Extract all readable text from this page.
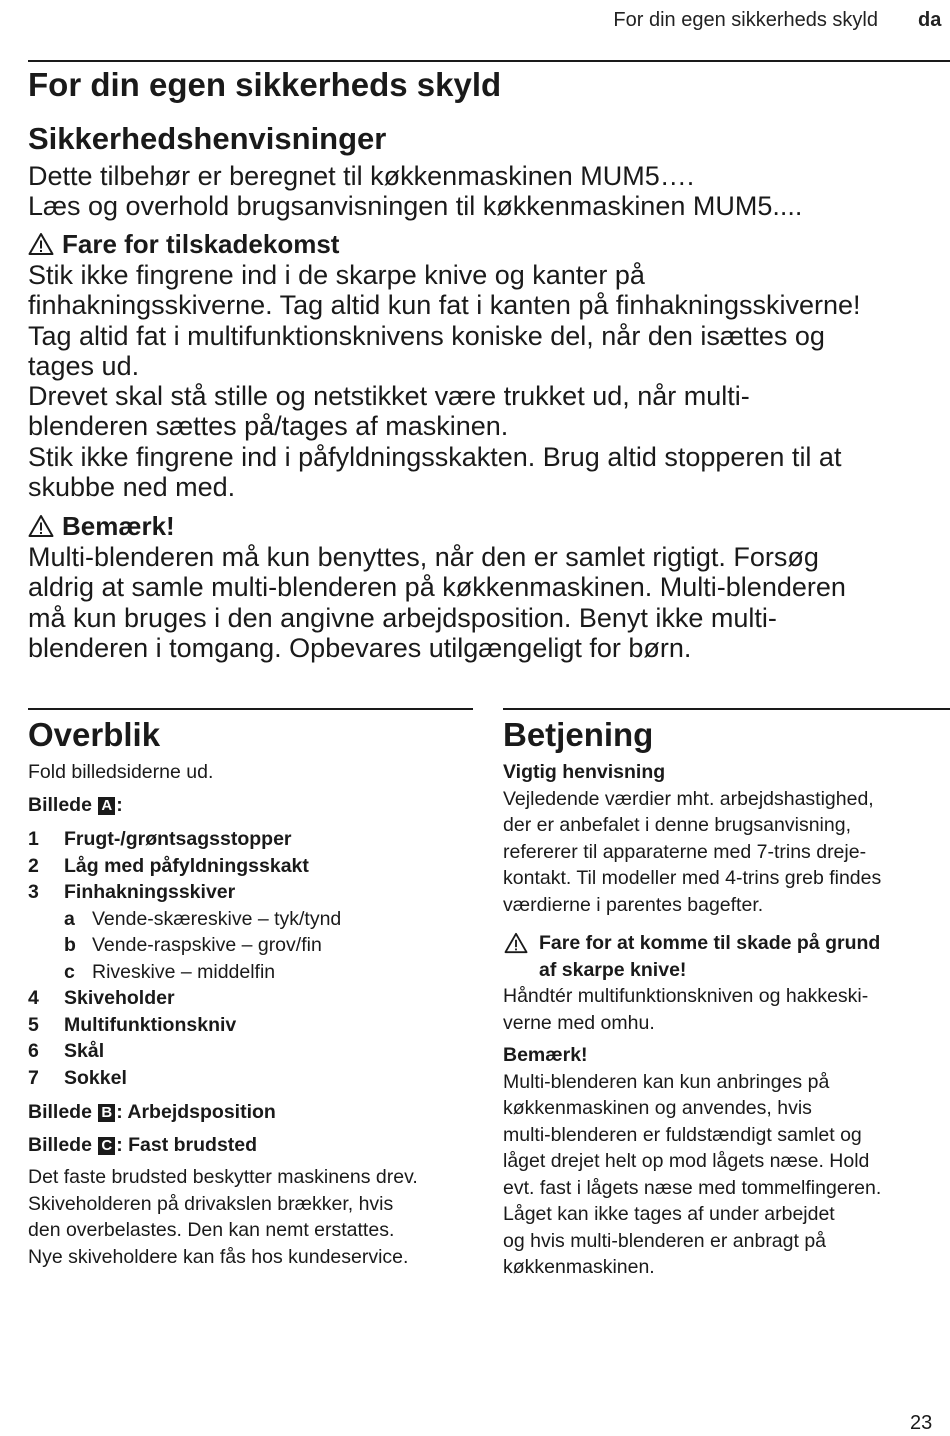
For din egen sikkerheds skyld da
For din egen sikkerheds skyld
Sikkerhedshenvisninger
Dette tilbehør er beregnet til køkkenmaskinen MUM5….
Læs og overhold brugsanvisningen til køkkenmaskinen MUM5....
Fare for tilskadekomst
Stik ikke fingrene ind i de skarpe knive og kanter på
finhakningsskiverne. Tag altid kun fat i kanten på finhakningsskiverne!
Tag altid fat i multifunktionsknivens koniske del, når den isættes og
tages ud.
Drevet skal stå stille og netstikket være trukket ud, når multi-
blenderen sættes på/tages af maskinen.
Stik ikke fingrene ind i påfyldningsskakten. Brug altid stopperen til at
skubbe ned med.
Bemærk!
Multi-blenderen må kun benyttes, når den er samlet rigtigt. Forsøg
aldrig at samle multi-blenderen på køkkenmaskinen. Multi-blenderen
må kun bruges i den angivne arbejdsposition. Benyt ikke multi-
blenderen i tomgang. Opbevares utilgængeligt for børn.
Overblik
Fold billedsiderne ud.
Billede A :
1	Frugt-/grøntsagsstopper
2	Låg med påfyldningsskakt
3	Finhakningsskiver
a Vende-skæreskive – tyk/tynd
b Vende-raspskive – grov/fin
c Riveskive – middelfin
4	Skiveholder
5	Multifunktionskniv
6	Skål
7	Sokkel
Billede B : Arbejdsposition
Billede C : Fast brudsted
Det faste brudsted beskytter maskinens drev.
Skiveholderen på drivakslen brækker, hvis
den overbelastes. Den kan nemt erstattes.
Nye skiveholdere kan fås hos kundeservice.
Betjening
Vigtig henvisning
Vejledende værdier mht. arbejdshastighed,
der er anbefalet i denne brugsanvisning,
refererer til apparaterne med 7-trins dreje-
kontakt. Til modeller med 4-trins greb findes
værdierne i parentes bagefter.
Fare for at komme til skade på grund
af skarpe knive!
Håndtér multifunktionskniven og hakkeski-
verne med omhu.
Bemærk!
Multi-blenderen kan kun anbringes på
køkkenmaskinen og anvendes, hvis
multi-blenderen er fuldstændigt samlet og
låget drejet helt op mod lågets næse. Hold
evt. fast i lågets næse med tommelfingeren.
Låget kan ikke tages af under arbejdet
og hvis multi-blenderen er anbragt på
køkkenmaskinen.
23
